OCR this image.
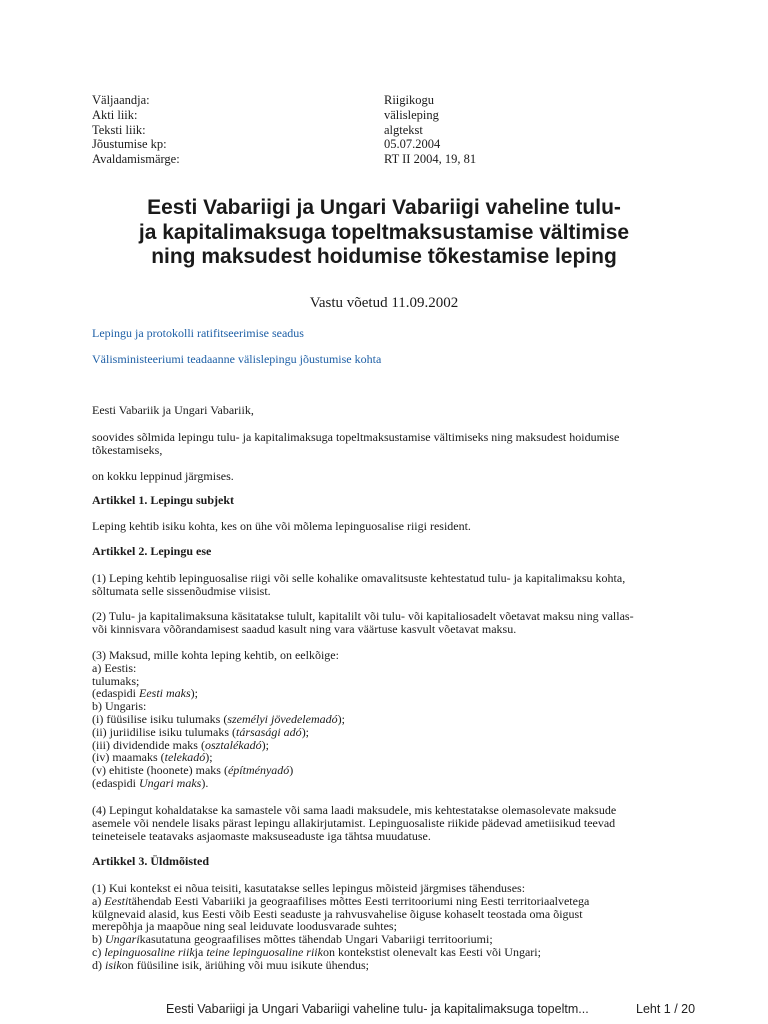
Väljaandja:	Riigikogu
Akti liik:	välisleping
Teksti liik:	algtekst
Jõustumise kp:	05.07.2004
Avaldamismärge:	RT II 2004, 19, 81
Eesti Vabariigi ja Ungari Vabariigi vaheline tulu-
ja kapitalimaksuga topeltmaksustamise vältimise
ning maksudest hoidumise tõkestamise leping
Vastu võetud 11.09.2002
Lepingu ja protokolli ratifitseerimise seadus
Välisministeeriumi teadaanne välislepingu jõustumise kohta
Eesti Vabariik ja Ungari Vabariik,

soovides sõlmida lepingu tulu- ja kapitalimaksuga topeltmaksustamise vältimiseks ning maksudest hoidumise

tõkestamiseks,

on kokku leppinud järgmises.
Artikkel 1. Lepingu subjekt
Leping kehtib isiku kohta, kes on ühe või mõlema lepinguosalise riigi resident.
Artikkel 2. Lepingu ese

(1) Leping kehtib lepinguosalise riigi või selle kohalike omavalitsuste kehtestatud tulu- ja kapitalimaksu kohta,

sõltumata selle sissenõudmise viisist.

(2) Tulu- ja kapitalimaksuna käsitatakse tulult, kapitalilt või tulu- või kapitaliosadelt võetavat maksu ning vallas-

või kinnisvara võõrandamisest saadud kasult ning vara väärtuse kasvult võetavat maksu.

(3) Maksud, mille kohta leping kehtib, on eelkõige:

a) Eestis:

tulumaks;

(edaspidi Eesti maks);

b) Ungaris:

(i) füüsilise isiku tulumaks (személyi jövedelemadó);

(ii) juriidilise isiku tulumaks (társasági adó);

(iii) dividendide maks (osztalékadó);

(iv) maamaks (telekadó);

(v) ehitiste (hoonete) maks (építményadó)

(edaspidi Ungari maks).

(4) Lepingut kohaldatakse ka samastele või sama laadi maksudele, mis kehtestatakse olemasolevate maksude

asemele või nendele lisaks pärast lepingu allakirjutamist. Lepinguosaliste riikide pädevad ametiisikud teevad

teineteisele teatavaks asjaomaste maksuseaduste iga tähtsa muudatuse.

Artikkel 3. Üldmõisted

(1) Kui kontekst ei nõua teisiti, kasutatakse selles lepingus mõisteid järgmises tähenduses:

a) Eestitähendab Eesti Vabariiki ja geograafilises mõttes Eesti territooriumi ning Eesti territoriaalvetega

külgnevaid alasid, kus Eesti võib Eesti seaduste ja rahvusvahelise õiguse kohaselt teostada oma õigust

merepõhja ja maapõue ning seal leiduvate loodusvarade suhtes;

b) Ungarikasutatuna geograafilises mõttes tähendab Ungari Vabariigi territooriumi;

c) lepinguosaline riikja teine lepinguosaline riikon kontekstist olenevalt kas Eesti või Ungari;

d) isikon füüsiline isik, äriühing või muu isikute ühendus;

Eesti Vabariigi ja Ungari Vabariigi vaheline tulu- ja kapitalimaksuga topeltm...	Leht 1 / 20
